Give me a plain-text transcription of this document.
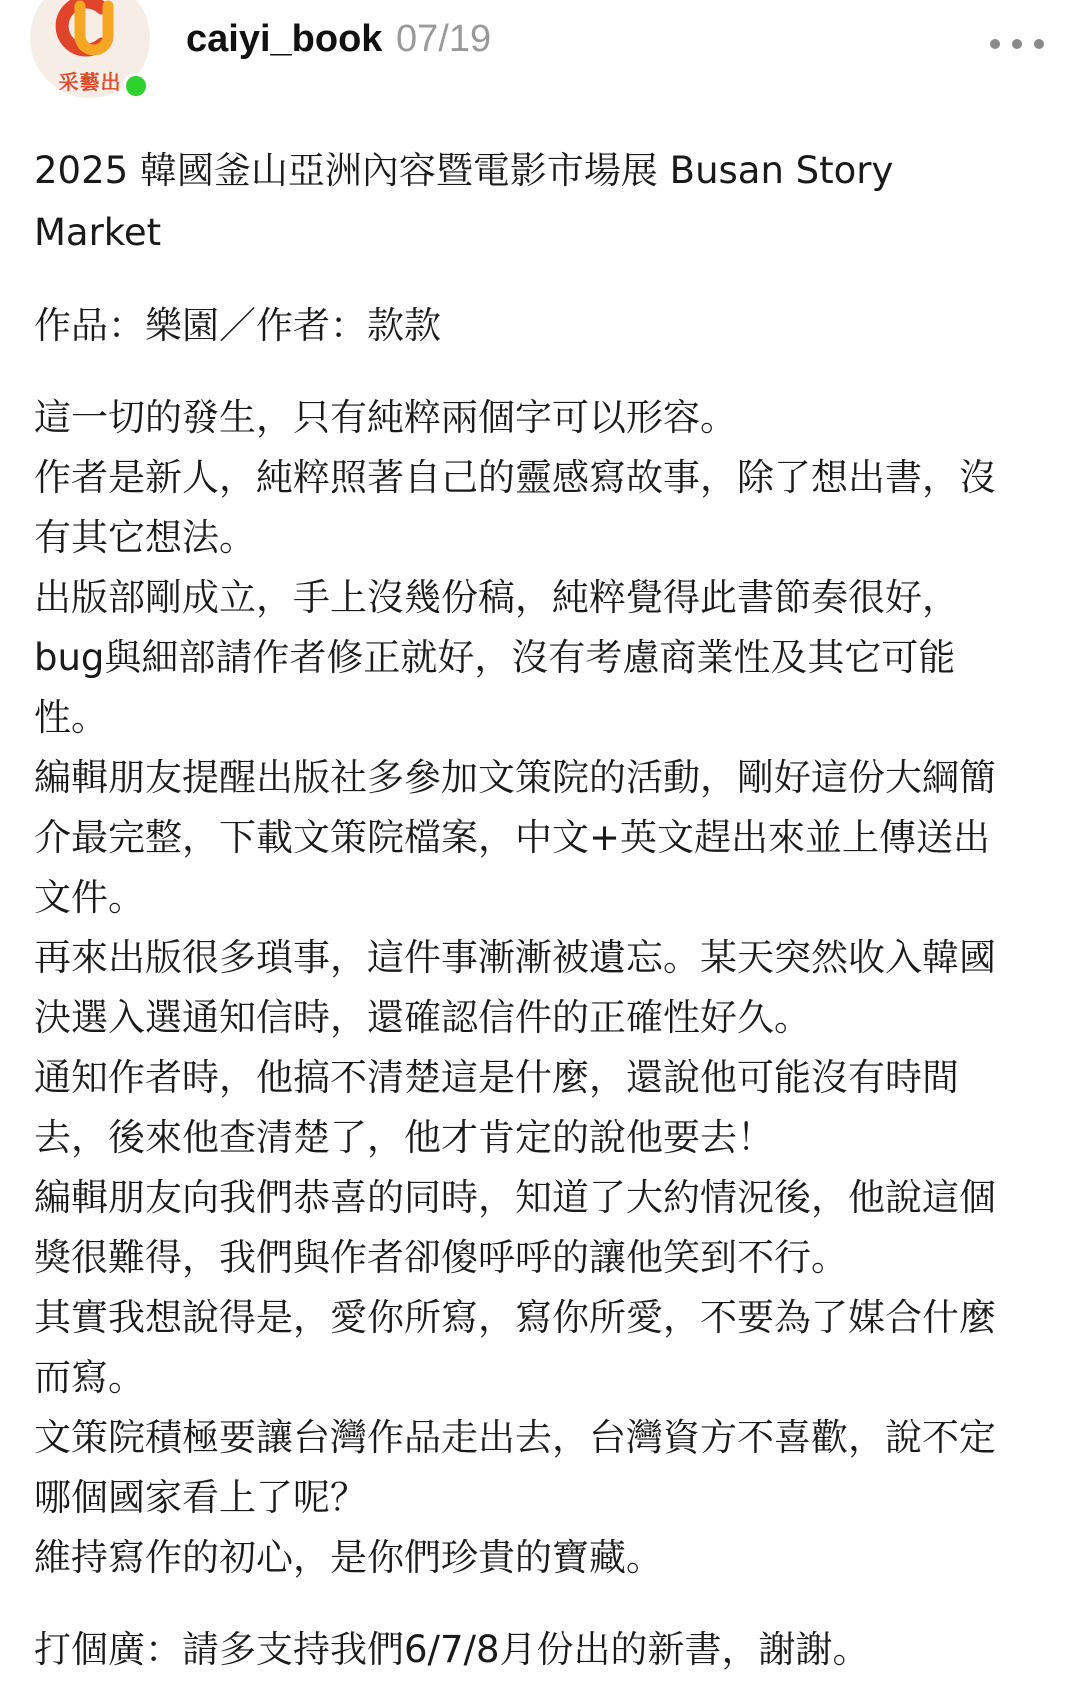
采藝出
caiyi_book 07/19

2025 韓國釜山亞洲內容暨電影市場展 Busan Story Market

作品：樂園／作者：款款

這一切的發生，只有純粹兩個字可以形容。

作者是新人，純粹照著自己的靈感寫故事，除了想出書，沒有其它想法。

出版部剛成立，手上沒幾份稿，純粹覺得此書節奏很好，bug與細部請作者修正就好，沒有考慮商業性及其它可能性。

編輯朋友提醒出版社多參加文策院的活動，剛好這份大綱簡介最完整，下載文策院檔案，中文+英文趕出來並上傳送出文件。

再來出版很多瑣事，這件事漸漸被遺忘。某天突然收入韓國決選入選通知信時，還確認信件的正確性好久。

通知作者時，他搞不清楚這是什麼，還說他可能沒有時間去，後來他查清楚了，他才肯定的說他要去！

編輯朋友向我們恭喜的同時，知道了大約情況後，他說這個獎很難得，我們與作者卻傻呼呼的讓他笑到不行。

其實我想說得是，愛你所寫，寫你所愛，不要為了媒合什麼而寫。

文策院積極要讓台灣作品走出去，台灣資方不喜歡，說不定哪個國家看上了呢？

維持寫作的初心，是你們珍貴的寶藏。

打個廣：請多支持我們6/7/8月份出的新書，謝謝。
